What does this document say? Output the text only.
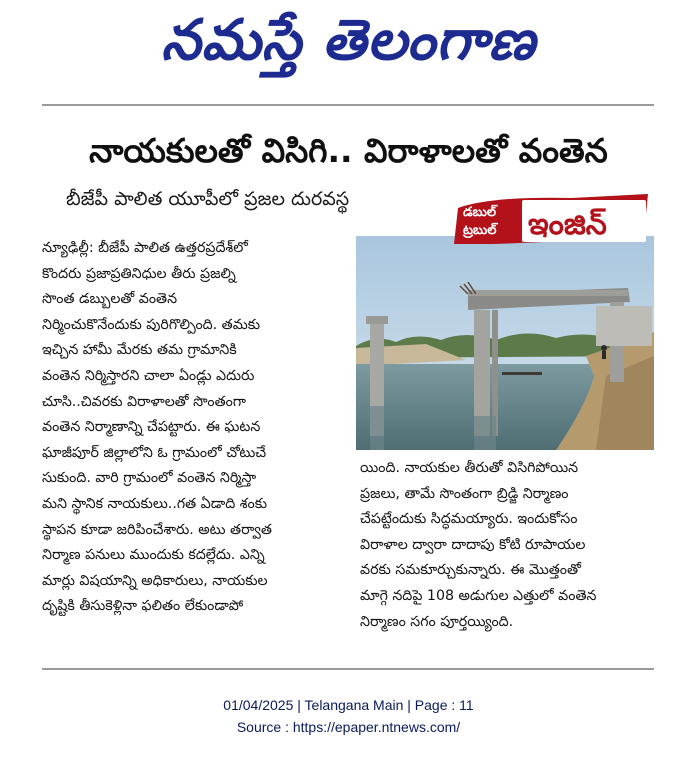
నమస్తే తెలంగాణ
నాయకులతో విసిగి.. విరాళాలతో వంతెన
బీజేపీ పాలిత యూపీలో ప్రజల దురవస్థ
డబుల్
ట్రబుల్ ఇంజిన్
న్యూఢిల్లీ: బీజేపీ పాలిత ఉత్తరప్రదేశ్‌లో
కొందరు ప్రజాప్రతినిధుల తీరు ప్రజల్ని
సొంత డబ్బులతో వంతెన
నిర్మించుకొనేందుకు పురిగొల్పింది. తమకు
ఇచ్చిన హామీ మేరకు తమ గ్రామానికి
వంతెన నిర్మిస్తారని చాలా ఏండ్లు ఎదురు
చూసి..చివరకు విరాళాలతో సొంతంగా
వంతెన నిర్మాణాన్ని చేపట్టారు. ఈ ఘటన
ఘాజీపూర్ జిల్లాలోని ఓ గ్రామంలో చోటుచే
సుకుంది. వారి గ్రామంలో వంతెన నిర్మిస్తా
మని స్థానిక నాయకులు..గత ఏడాది శంకు
స్థాపన కూడా జరిపించేశారు. అటు తర్వాత
నిర్మాణ పనులు ముందుకు కదల్లేదు. ఎన్ని
మార్లు విషయాన్ని అధికారులు, నాయకుల
దృష్టికి తీసుకెళ్లినా ఫలితం లేకుండాపో
యింది. నాయకుల తీరుతో విసిగిపోయిన
ప్రజలు, తామే సొంతంగా బ్రిడ్జి నిర్మాణం
చేపట్టేందుకు సిద్ధమయ్యారు. ఇందుకోసం
విరాళాల ద్వారా దాదాపు కోటి రూపాయల
వరకు సమకూర్చుకున్నారు. ఈ మొత్తంతో
మాగ్గె నదిపై 108 అడుగుల ఎత్తులో వంతెన
నిర్మాణం సగం పూర్తయ్యింది.
01/04/2025 | Telangana Main | Page : 11
Source : https://epaper.ntnews.com/
